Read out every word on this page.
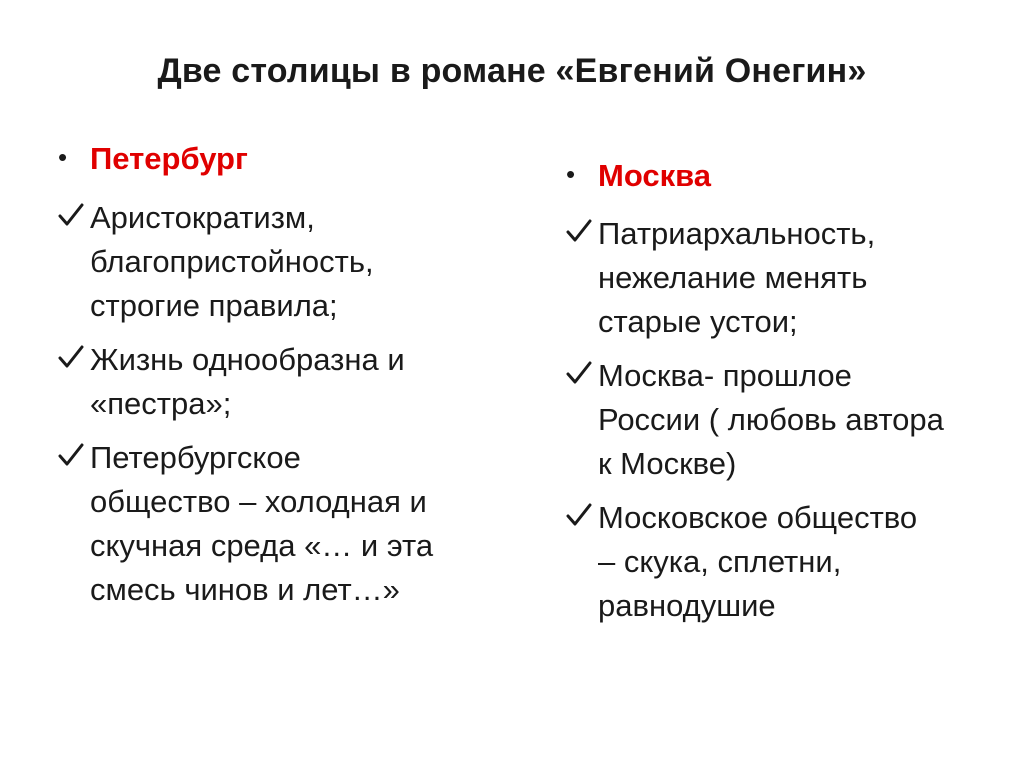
Две столицы в романе «Евгений Онегин»
• Петербург
Аристократизм,
благопристойность,
строгие правила;
Жизнь однообразна и
«пестра»;
Петербургское
общество – холодная и
скучная среда «… и эта
смесь чинов и лет…»
• Москва
Патриархальность,
нежелание менять
старые устои;
Москва- прошлое
России ( любовь автора
к Москве)
Московское общество
– скука, сплетни,
равнодушие
